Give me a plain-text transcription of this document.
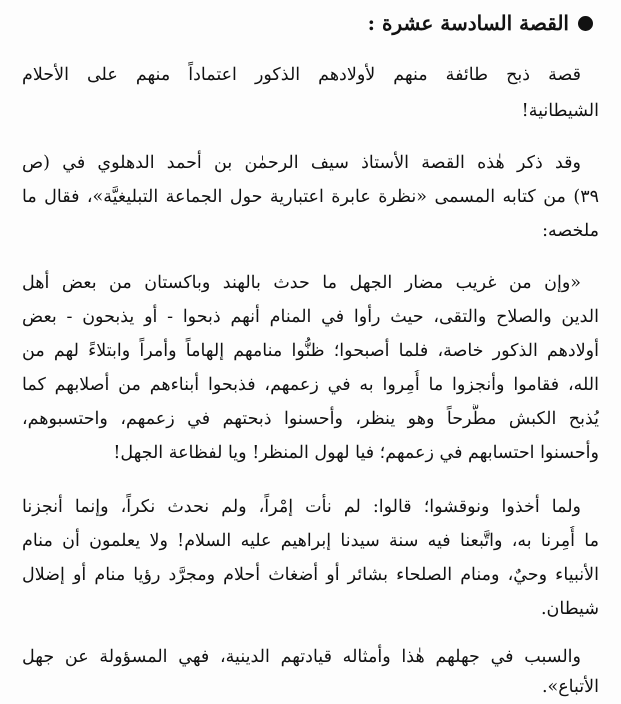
القصة السادسة عشرة :
قصة ذبح طائفة منهم لأولادهم الذكور اعتماداً منهم على الأحلام
الشيطانية!
وقد ذكر هٰذه القصة الأستاذ سيف الرحمٰن بن أحمد الدهلوي في (ص
٣٩) من كتابه المسمى «نظرة عابرة اعتبارية حول الجماعة التبليغيَّة»، فقال ما
ملخصه:
«وإن من غريب مضار الجهل ما حدث بالهند وباكستان من بعض أهل
الدين والصلاح والتقى، حيث رأوا في المنام أنهم ذبحوا - أو يذبحون - بعض
أولادهم الذكور خاصة، فلما أصبحوا؛ ظنُّوا منامهم إلهاماً وأمراً وابتلاءً لهم من
الله، فقاموا وأنجزوا ما أُمِروا به في زعمهم، فذبحوا أبناءهم من أصلابهم كما
يُذبح الكبش مطَّرحاً وهو ينظر، وأحسنوا ذبحتهم في زعمهم، واحتسبوهم،
وأحسنوا احتسابهم في زعمهم؛ فيا لهول المنظر! ويا لفظاعة الجهل!
ولما أخذوا ونوقشوا؛ قالوا: لم نأت إمْراً، ولم نحدث نكراً، وإنما أنجزنا
ما أُمِرنا به، واتَّبعنا فيه سنة سيدنا إبراهيم عليه السلام! ولا يعلمون أن منام
الأنبياء وحيٌ، ومنام الصلحاء بشائر أو أضغاث أحلام ومجرَّد رؤيا منام أو إضلال
شيطان.
والسبب في جهلهم هٰذا وأمثاله قيادتهم الدينية، فهي المسؤولة عن جهل
الأتباع».
